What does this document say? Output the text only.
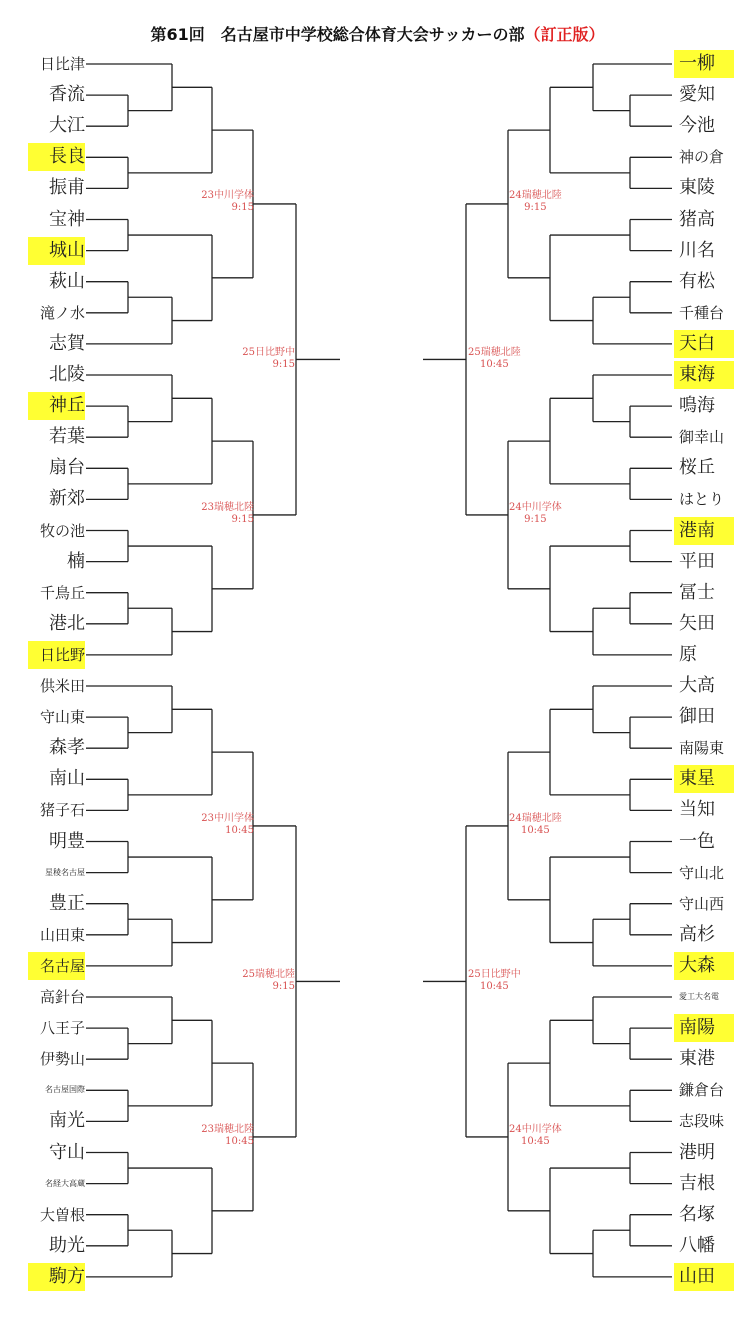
第61回　名古屋市中学校総合体育大会サッカーの部（訂正版）
日比津
香流
大江
長良
振甫
宝神
城山
萩山
滝ノ水
志賀
北陵
神丘
若葉
扇台
新郊
牧の池
楠
千鳥丘
港北
日比野
供米田
守山東
森孝
南山
猪子石
明豊
星稜名古屋
豊正
山田東
名古屋
高針台
八王子
伊勢山
名古屋国際
南光
守山
名経大高蔵
大曽根
助光
駒方
一柳
愛知
今池
神の倉
東陵
猪高
川名
有松
千種台
天白
東海
鳴海
御幸山
桜丘
はとり
港南
平田
冨士
矢田
原
大高
御田
南陽東
東星
当知
一色
守山北
守山西
高杉
大森
愛工大名電
南陽
東港
鎌倉台
志段味
港明
吉根
名塚
八幡
山田
23中川学体
9:15
23瑞穂北陸
9:15
23中川学体
10:45
23瑞穂北陸
10:45
25日比野中
9:15
25瑞穂北陸
9:15
24瑞穂北陸
9:15
24中川学体
9:15
24瑞穂北陸
10:45
24中川学体
10:45
25瑞穂北陸
10:45
25日比野中
10:45
